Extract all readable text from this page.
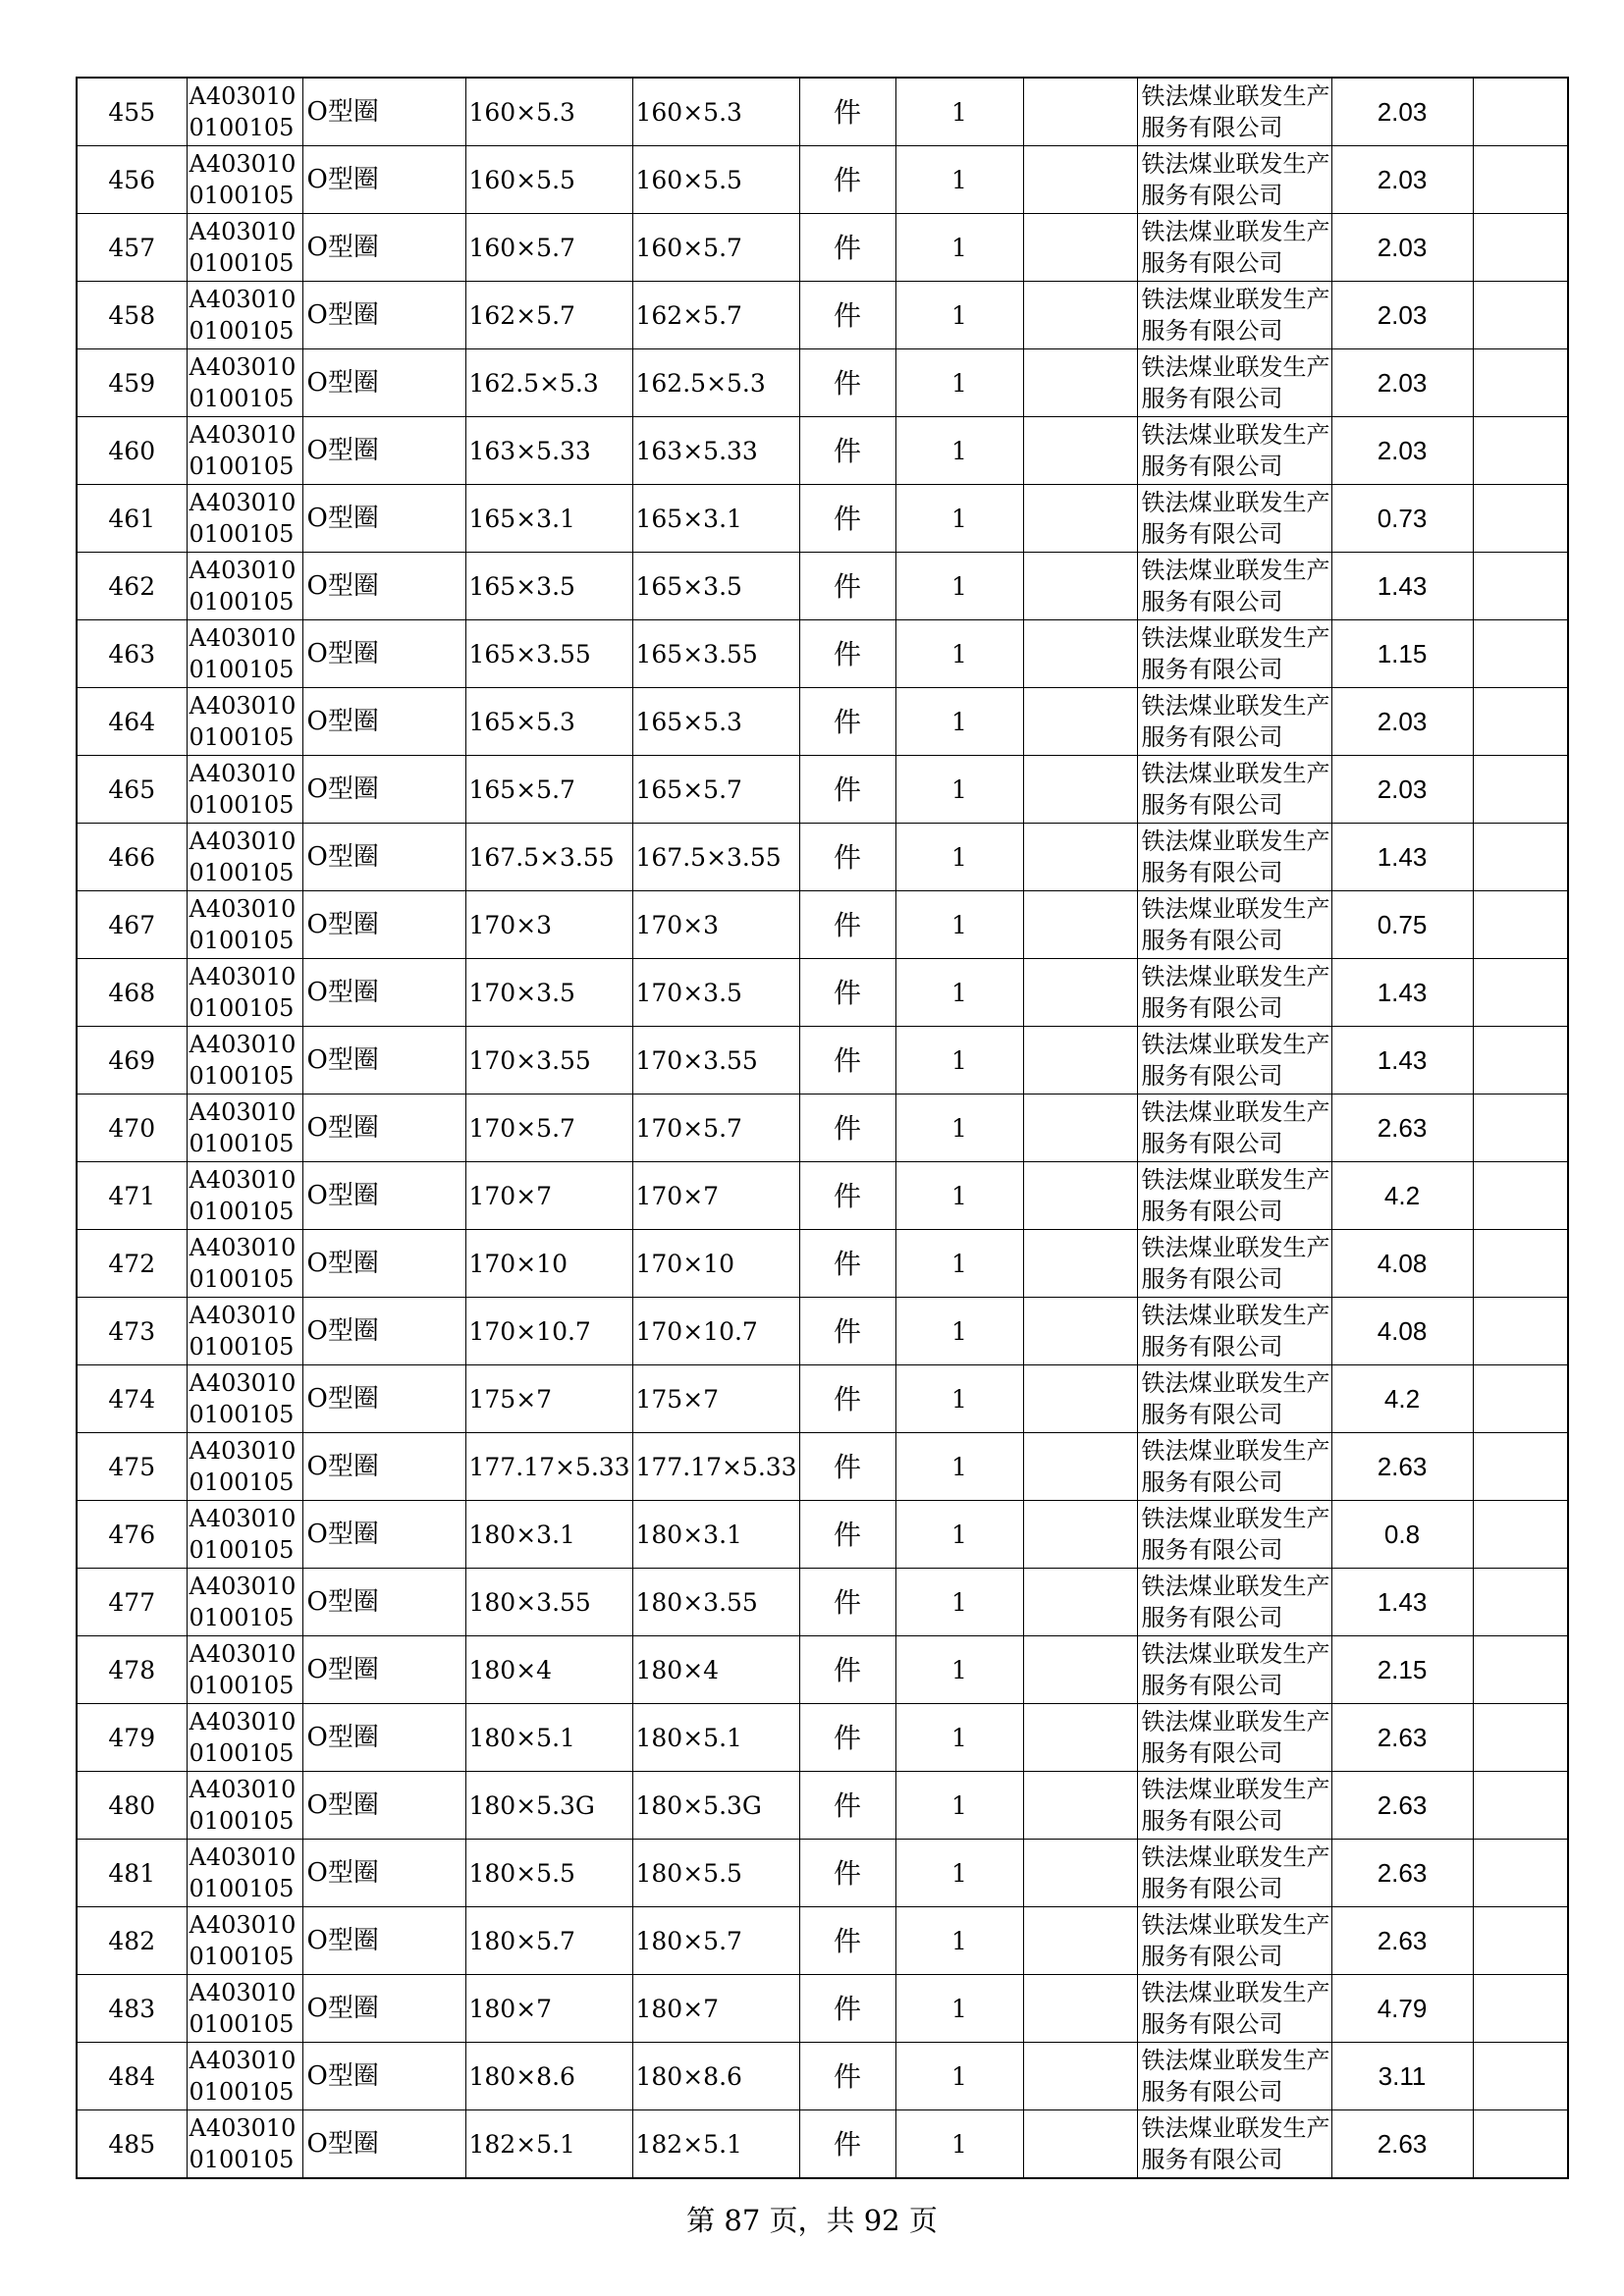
455	A4030100100105	O型圈	160×5.3	160×5.3	件	1		铁法煤业联发生产服务有限公司	2.03	
456	A4030100100105	O型圈	160×5.5	160×5.5	件	1		铁法煤业联发生产服务有限公司	2.03	
457	A4030100100105	O型圈	160×5.7	160×5.7	件	1		铁法煤业联发生产服务有限公司	2.03	
458	A4030100100105	O型圈	162×5.7	162×5.7	件	1		铁法煤业联发生产服务有限公司	2.03	
459	A4030100100105	O型圈	162.5×5.3	162.5×5.3	件	1		铁法煤业联发生产服务有限公司	2.03	
460	A4030100100105	O型圈	163×5.33	163×5.33	件	1		铁法煤业联发生产服务有限公司	2.03	
461	A4030100100105	O型圈	165×3.1	165×3.1	件	1		铁法煤业联发生产服务有限公司	0.73	
462	A4030100100105	O型圈	165×3.5	165×3.5	件	1		铁法煤业联发生产服务有限公司	1.43	
463	A4030100100105	O型圈	165×3.55	165×3.55	件	1		铁法煤业联发生产服务有限公司	1.15	
464	A4030100100105	O型圈	165×5.3	165×5.3	件	1		铁法煤业联发生产服务有限公司	2.03	
465	A4030100100105	O型圈	165×5.7	165×5.7	件	1		铁法煤业联发生产服务有限公司	2.03	
466	A4030100100105	O型圈	167.5×3.55	167.5×3.55	件	1		铁法煤业联发生产服务有限公司	1.43	
467	A4030100100105	O型圈	170×3	170×3	件	1		铁法煤业联发生产服务有限公司	0.75	
468	A4030100100105	O型圈	170×3.5	170×3.5	件	1		铁法煤业联发生产服务有限公司	1.43	
469	A4030100100105	O型圈	170×3.55	170×3.55	件	1		铁法煤业联发生产服务有限公司	1.43	
470	A4030100100105	O型圈	170×5.7	170×5.7	件	1		铁法煤业联发生产服务有限公司	2.63	
471	A4030100100105	O型圈	170×7	170×7	件	1		铁法煤业联发生产服务有限公司	4.2	
472	A4030100100105	O型圈	170×10	170×10	件	1		铁法煤业联发生产服务有限公司	4.08	
473	A4030100100105	O型圈	170×10.7	170×10.7	件	1		铁法煤业联发生产服务有限公司	4.08	
474	A4030100100105	O型圈	175×7	175×7	件	1		铁法煤业联发生产服务有限公司	4.2	
475	A4030100100105	O型圈	177.17×5.33	177.17×5.33	件	1		铁法煤业联发生产服务有限公司	2.63	
476	A4030100100105	O型圈	180×3.1	180×3.1	件	1		铁法煤业联发生产服务有限公司	0.8	
477	A4030100100105	O型圈	180×3.55	180×3.55	件	1		铁法煤业联发生产服务有限公司	1.43	
478	A4030100100105	O型圈	180×4	180×4	件	1		铁法煤业联发生产服务有限公司	2.15	
479	A4030100100105	O型圈	180×5.1	180×5.1	件	1		铁法煤业联发生产服务有限公司	2.63	
480	A4030100100105	O型圈	180×5.3G	180×5.3G	件	1		铁法煤业联发生产服务有限公司	2.63	
481	A4030100100105	O型圈	180×5.5	180×5.5	件	1		铁法煤业联发生产服务有限公司	2.63	
482	A4030100100105	O型圈	180×5.7	180×5.7	件	1		铁法煤业联发生产服务有限公司	2.63	
483	A4030100100105	O型圈	180×7	180×7	件	1		铁法煤业联发生产服务有限公司	4.79	
484	A4030100100105	O型圈	180×8.6	180×8.6	件	1		铁法煤业联发生产服务有限公司	3.11	
485	A4030100100105	O型圈	182×5.1	182×5.1	件	1		铁法煤业联发生产服务有限公司	2.63	
第 87 页，共 92 页
